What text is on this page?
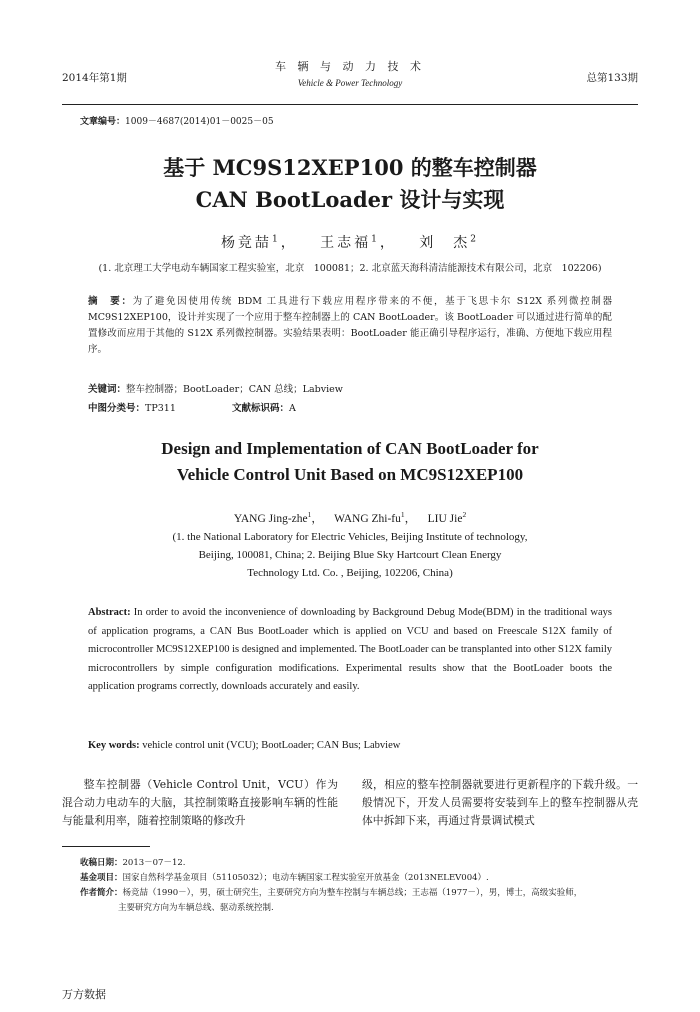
2014年第1期
车 辆 与 动 力 技 术
Vehicle & Power Technology	总第133期
文章编号：1009－4687(2014)01－0025－05
基于 MC9S12XEP100 的整车控制器
CAN BootLoader 设计与实现
杨竞喆$^1$， 王志福$^1$， 刘　杰$^2$
(1. 北京理工大学电动车辆国家工程实验室，北京　100081；2. 北京蓝天海科清洁能源技术有限公司，北京　102206)
摘　要：为了避免因使用传统 BDM 工具进行下载应用程序带来的不便，基于飞思卡尔 S12X 系列微控制器 MC9S12XEP100，设计并实现了一个应用于整车控制器上的 CAN BootLoader。该 BootLoader 可以通过进行简单的配置修改而应用于其他的 S12X 系列微控制器。实验结果表明：BootLoader 能正确引导程序运行，准确、方便地下载应用程序。
关键词：整车控制器；BootLoader；CAN 总线；Labview
中图分类号：TP311	文献标识码：A
Design and Implementation of CAN BootLoader for
Vehicle Control Unit Based on MC9S12XEP100
YANG Jing-zhe$^1$， WANG Zhi-$fu^1$， LIU Jie$^2$
(1. the National Laboratory for Electric Vehicles, Beijing Institute of technology,
Beijing, 100081, China; 2. Beijing Blue Sky Hartcourt Clean Energy
Technology Ltd. Co. , Beijing, 102206, China)
Abstract: In order to avoid the inconvenience of downloading by Background Debug Mode(BDM) in the traditional ways of application programs, a CAN Bus BootLoader which is applied on VCU and based on Freescale S12X family of microcontroller MC9S12XEP100 is designed and implemented. The BootLoader can be transplanted into other S12X family microcontrollers by simple configuration modifications. Experimental results show that the BootLoader boots the application programs correctly, downloads accurately and easily.
Key words: vehicle control unit (VCU); BootLoader; CAN Bus; Labview
整车控制器（Vehicle Control Unit，VCU）作为混合动力电动车的大脑，其控制策略直接影响车辆的性能与能量利用率，随着控制策略的修改升
级，相应的整车控制器就要进行更新程序的下载升级。一般情况下，开发人员需要将安装到车上的整车控制器从壳体中拆卸下来，再通过背景调试模式
收稿日期：2013－07－12.
基金项目：国家自然科学基金项目（51105032）；电动车辆国家工程实验室开放基金（2013NELEV004）.
作者简介：杨竞喆（1990－），男，硕士研究生，主要研究方向为整车控制与车辆总线；王志福（1977－），男，博士，高级实验师，
主要研究方向为车辆总线、驱动系统控制.
万方数据
